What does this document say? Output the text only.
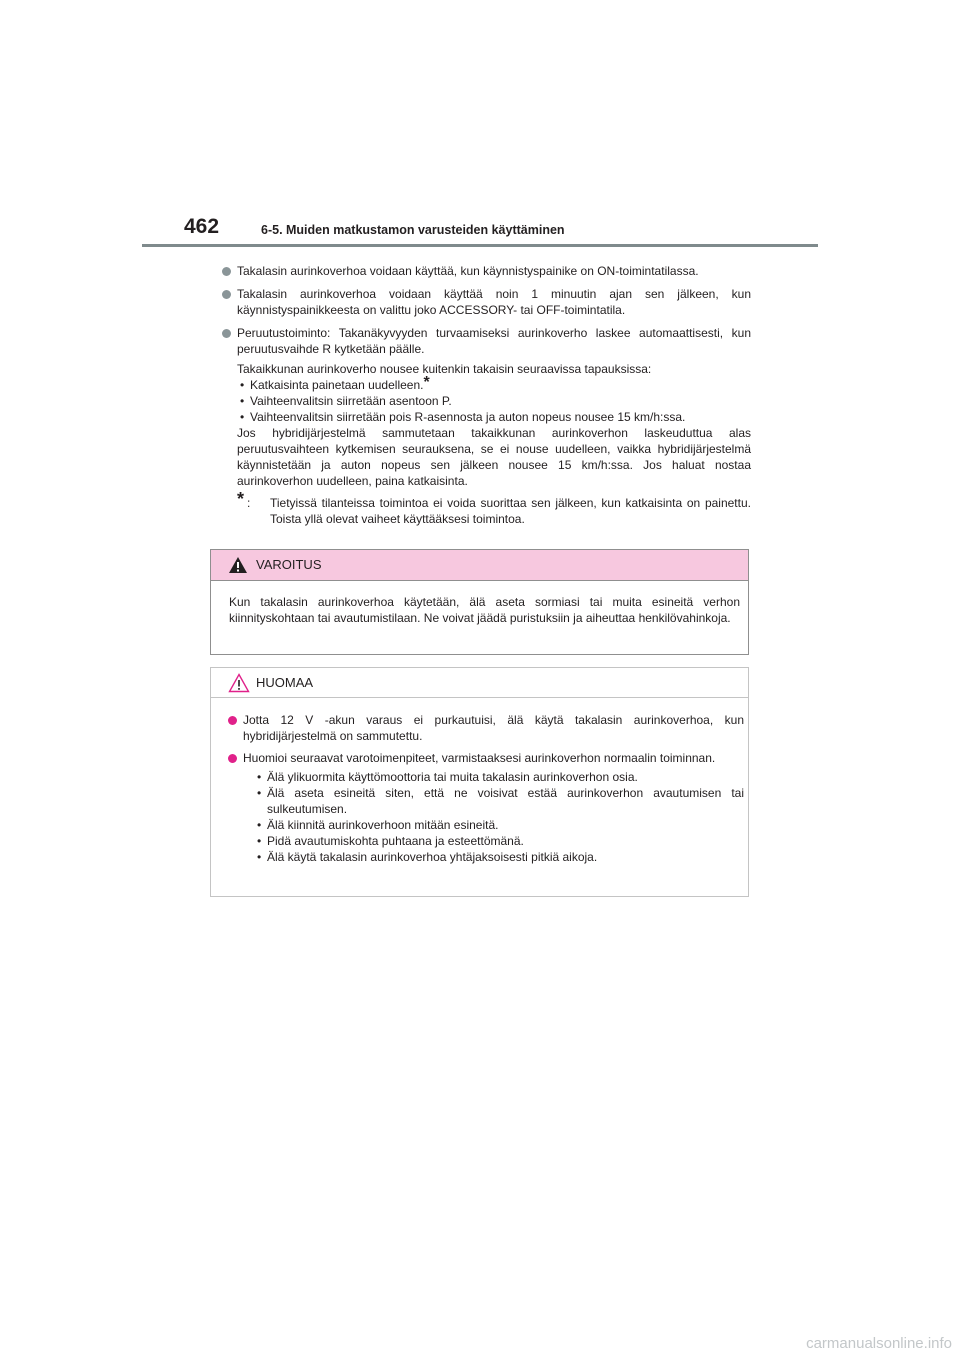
462	6-5. Muiden matkustamon varusteiden käyttäminen
Takalasin aurinkoverhoa voidaan käyttää, kun käynnistyspainike on ON-toimintatilassa.
Takalasin aurinkoverhoa voidaan käyttää noin 1 minuutin ajan sen jälkeen, kun käynnistyspainikkeesta on valittu joko ACCESSORY- tai OFF-toimintatila.
Peruutustoiminto: Takanäkyvyyden turvaamiseksi aurinkoverho laskee automaattisesti, kun peruutusvaihde R kytketään päälle.
Takaikkunan aurinkoverho nousee kuitenkin takaisin seuraavissa tapauksissa:
• Katkaisinta painetaan uudelleen.*
• Vaihteenvalitsin siirretään asentoon P.
• Vaihteenvalitsin siirretään pois R-asennosta ja auton nopeus nousee 15 km/h:ssa.
Jos hybridijärjestelmä sammutetaan takaikkunan aurinkoverhon laskeuduttua alas peruutusvaihteen kytkemisen seurauksena, se ei nouse uudelleen, vaikka hybridijärjestelmä käynnistetään ja auton nopeus sen jälkeen nousee 15 km/h:ssa. Jos haluat nostaa aurinkoverhon uudelleen, paina katkaisinta.
* : Tietyissä tilanteissa toimintoa ei voida suorittaa sen jälkeen, kun katkaisinta on painettu. Toista yllä olevat vaiheet käyttääksesi toimintoa.
VAROITUS
Kun takalasin aurinkoverhoa käytetään, älä aseta sormiasi tai muita esineitä verhon kiinnityskohtaan tai avautumistilaan. Ne voivat jäädä puristuksiin ja aiheuttaa henkilövahinkoja.
HUOMAA
Jotta 12 V -akun varaus ei purkautuisi, älä käytä takalasin aurinkoverhoa, kun hybridijärjestelmä on sammutettu.
Huomioi seuraavat varotoimenpiteet, varmistaaksesi aurinkoverhon normaalin toiminnan.
• Älä ylikuormita käyttömoottoria tai muita takalasin aurinkoverhon osia.
• Älä aseta esineitä siten, että ne voisivat estää aurinkoverhon avautumisen tai sulkeutumisen.
• Älä kiinnitä aurinkoverhoon mitään esineitä.
• Pidä avautumiskohta puhtaana ja esteettömänä.
• Älä käytä takalasin aurinkoverhoa yhtäjaksoisesti pitkiä aikoja.
carmanualsonline.info
